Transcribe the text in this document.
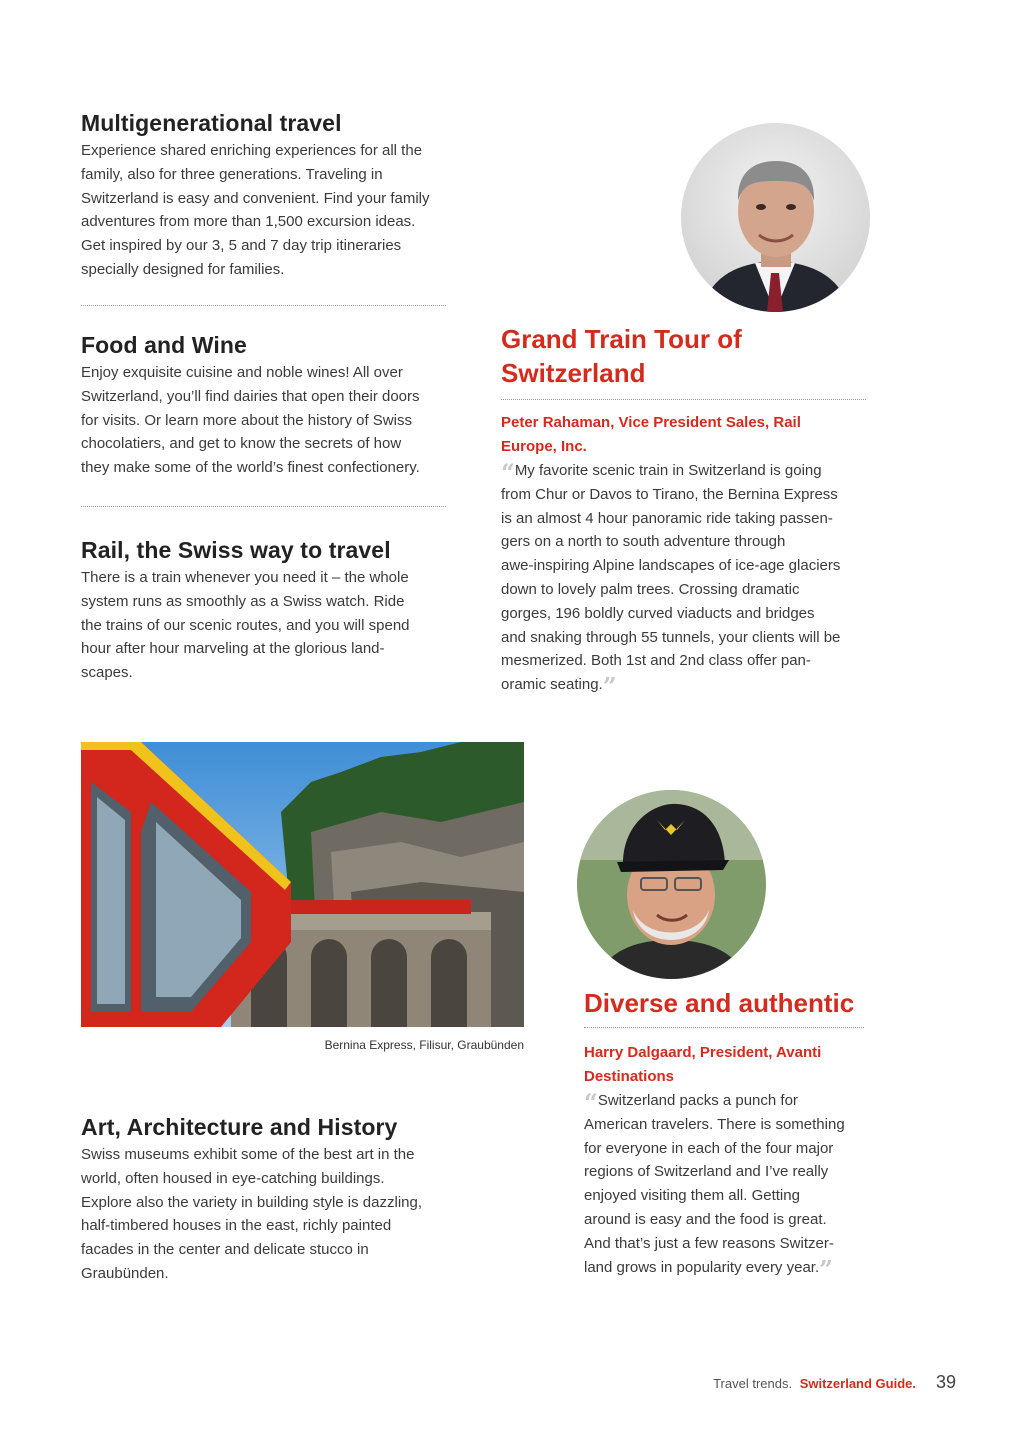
Multigenerational travel

Experience shared enriching experiences for all the
family, also for three generations. Traveling in
Switzerland is easy and convenient. Find your family
adventures from more than 1,500 excursion ideas.
Get inspired by our 3, 5 and 7 day trip itineraries
specially designed for families.

Food and Wine

Enjoy exquisite cuisine and noble wines! All over
Switzerland, you’ll find dairies that open their doors
for visits. Or learn more about the history of Swiss
chocolatiers, and get to know the secrets of how
they make some of the world’s finest confectionery.

Rail, the Swiss way to travel

There is a train whenever you need it – the whole
system runs as smoothly as a Swiss watch. Ride
the trains of our scenic routes, and you will spend
hour after hour marveling at the glorious land-
scapes.

Grand Train Tour of
Switzerland

Peter Rahaman, Vice President Sales, Rail
Europe, Inc.

“My favorite scenic train in Switzerland is going
from Chur or Davos to Tirano, the Bernina Express
is an almost 4 hour panoramic ride taking passen-
gers on a north to south adventure through
awe-inspiring Alpine landscapes of ice-age glaciers
down to lovely palm trees. Crossing dramatic
gorges, 196 boldly curved viaducts and bridges
and snaking through 55 tunnels, your clients will be
mesmerized. Both 1st and 2nd class offer pan-
oramic seating.”

Bernina Express, Filisur, Graubünden
Diverse and authentic

Harry Dalgaard, President, Avanti
Destinations

“Switzerland packs a punch for
American travelers. There is something
for everyone in each of the four major
regions of Switzerland and I’ve really
enjoyed visiting them all. Getting
around is easy and the food is great.
And that’s just a few reasons Switzer-
land grows in popularity every year.”

Art, Architecture and History

Swiss museums exhibit some of the best art in the
world, often housed in eye-catching buildings.
Explore also the variety in building style is dazzling,
half-timbered houses in the east, richly painted
facades in the center and delicate stucco in
Graubünden.

Travel trends. Switzerland Guide. 39
